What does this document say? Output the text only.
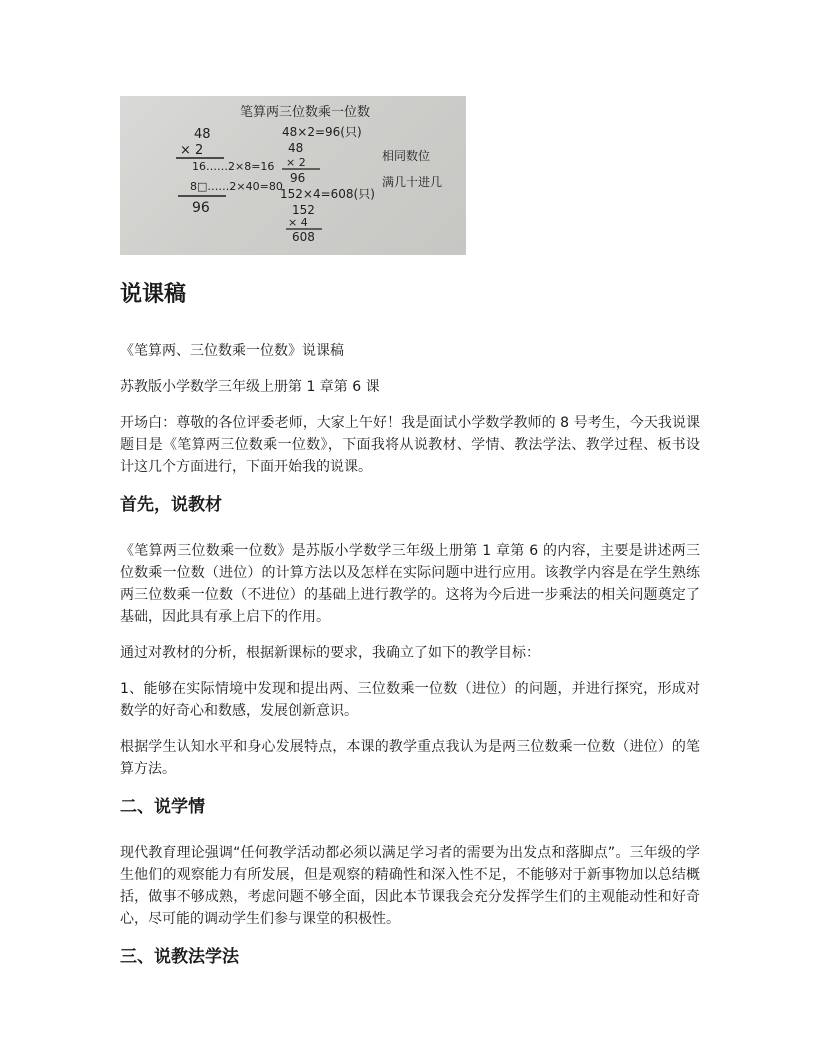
笔算两三位数乘一位数
48
× 2
16……2×8=16
8□……2×40=80
96
48×2=96(只)
48
× 2
96
152×4=608(只)
152
× 4
608
相同数位
满几十进几
说课稿

《笔算两、三位数乘一位数》说课稿

苏教版小学数学三年级上册第 1 章第 6 课

开场白：尊敬的各位评委老师，大家上午好！我是面试小学数学教师的 8 号考生，今天我说课题目是《笔算两三位数乘一位数》，下面我将从说教材、学情、教法学法、教学过程、板书设计这几个方面进行，下面开始我的说课。

首先，说教材

《笔算两三位数乘一位数》是苏版小学数学三年级上册第 1 章第 6 的内容，主要是讲述两三位数乘一位数（进位）的计算方法以及怎样在实际问题中进行应用。该教学内容是在学生熟练两三位数乘一位数（不进位）的基础上进行教学的。这将为今后进一步乘法的相关问题奠定了基础，因此具有承上启下的作用。

通过对教材的分析，根据新课标的要求，我确立了如下的教学目标：

1、能够在实际情境中发现和提出两、三位数乘一位数（进位）的问题，并进行探究，形成对数学的好奇心和数感，发展创新意识。

根据学生认知水平和身心发展特点，本课的教学重点我认为是两三位数乘一位数（进位）的笔算方法。

二、说学情

现代教育理论强调“任何教学活动都必须以满足学习者的需要为出发点和落脚点”。三年级的学生他们的观察能力有所发展，但是观察的精确性和深入性不足，不能够对于新事物加以总结概括，做事不够成熟，考虑问题不够全面，因此本节课我会充分发挥学生们的主观能动性和好奇心，尽可能的调动学生们参与课堂的积极性。

三、说教法学法
